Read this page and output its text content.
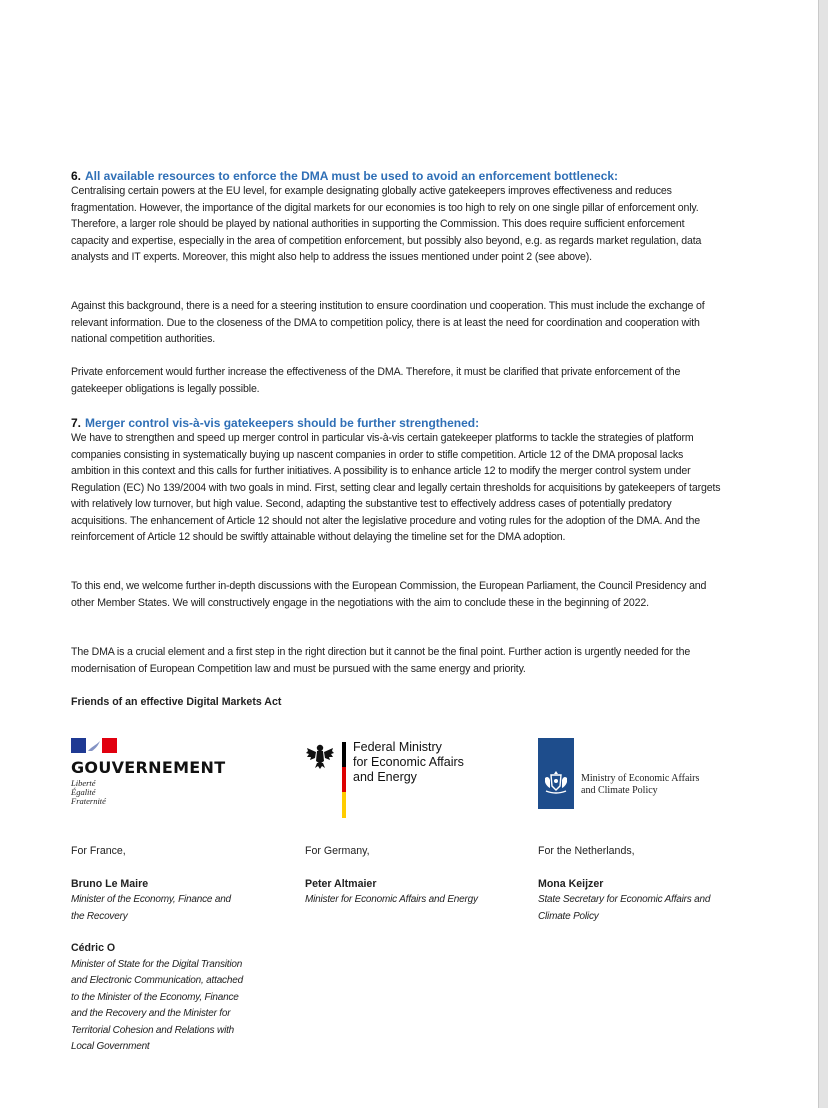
6. All available resources to enforce the DMA must be used to avoid an enforcement bottleneck:

Centralising certain powers at the EU level, for example designating globally active gatekeepers improves effectiveness and reduces fragmentation. However, the importance of the digital markets for our economies is too high to rely on one single pillar of enforcement only. Therefore, a larger role should be played by national authorities in supporting the Commission. This does require sufficient enforcement capacity and expertise, especially in the area of competition enforcement, but possibly also beyond, e.g. as regards market regulation, data analysts and IT experts. Moreover, this might also help to address the issues mentioned under point 2 (see above).

Against this background, there is a need for a steering institution to ensure coordination und cooperation. This must include the exchange of relevant information. Due to the closeness of the DMA to competition policy, there is at least the need for coordination and cooperation with national competition authorities.

Private enforcement would further increase the effectiveness of the DMA. Therefore, it must be clarified that private enforcement of the gatekeeper obligations is legally possible.

7. Merger control vis-à-vis gatekeepers should be further strengthened:

We have to strengthen and speed up merger control in particular vis-à-vis certain gatekeeper platforms to tackle the strategies of platform companies consisting in systematically buying up nascent companies in order to stifle competition. Article 12 of the DMA proposal lacks ambition in this context and this calls for further initiatives. A possibility is to enhance article 12 to modify the merger control system under Regulation (EC) No 139/2004 with two goals in mind. First, setting clear and legally certain thresholds for acquisitions by gatekeepers of targets with relatively low turnover, but high value. Second, adapting the substantive test to effectively address cases of potentially predatory acquisitions. The enhancement of Article 12 should not alter the legislative procedure and voting rules for the adoption of the DMA. And the reinforcement of Article 12 should be swiftly attainable without delaying the timeline set for the DMA adoption.

To this end, we welcome further in-depth discussions with the European Commission, the European Parliament, the Council Presidency and other Member States. We will constructively engage in the negotiations with the aim to conclude these in the beginning of 2022.

The DMA is a crucial element and a first step in the right direction but it cannot be the final point. Further action is urgently needed for the modernisation of European Competition law and must be pursued with the same energy and priority.

Friends of an effective Digital Markets Act
GOUVERNEMENT
Liberté
Égalité
Fraternité
Federal Ministry
for Economic Affairs
and Energy	Ministry of Economic Affairs
and Climate Policy
For France,
Bruno Le Maire
Minister of the Economy, Finance and
the Recovery
Cédric O
Minister of State for the Digital Transition
and Electronic Communication, attached
to the Minister of the Economy, Finance
and the Recovery and the Minister for
Territorial Cohesion and Relations with
Local Government
For Germany,
Peter Altmaier
Minister for Economic Affairs and Energy
For the Netherlands,
Mona Keijzer
State Secretary for Economic Affairs and
Climate Policy
